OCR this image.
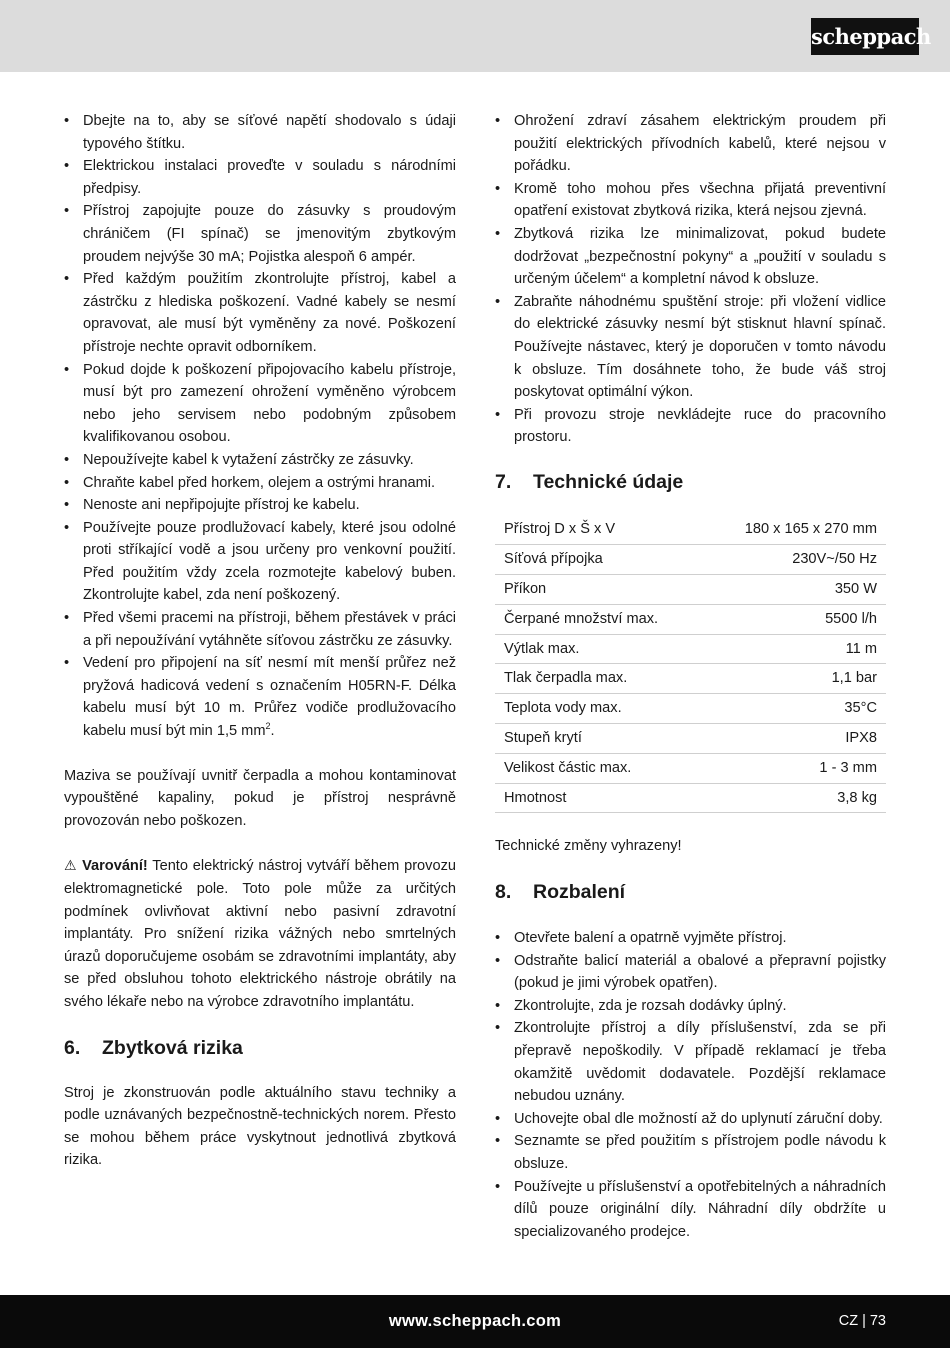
scheppach
• Dbejte na to, aby se síťové napětí shodovalo s údaji typového štítku.
• Elektrickou instalaci proveďte v souladu s národními předpisy.
• Přístroj zapojujte pouze do zásuvky s proudovým chráničem (FI spínač) se jmenovitým zbytkovým proudem nejvýše 30 mA; Pojistka alespoň 6 ampér.
• Před každým použitím zkontrolujte přístroj, kabel a zástrčku z hlediska poškození. Vadné kabely se nesmí opravovat, ale musí být vyměněny za nové. Poškození přístroje nechte opravit odborníkem.
• Pokud dojde k poškození připojovacího kabelu přístroje, musí být pro zamezení ohrožení vyměněno výrobcem nebo jeho servisem nebo podobným způsobem kvalifikovanou osobou.
• Nepoužívejte kabel k vytažení zástrčky ze zásuvky.
• Chraňte kabel před horkem, olejem a ostrými hranami.
• Nenoste ani nepřipojujte přístroj ke kabelu.
• Používejte pouze prodlužovací kabely, které jsou odolné proti stříkající vodě a jsou určeny pro venkovní použití. Před použitím vždy zcela rozmotejte kabelový buben. Zkontrolujte kabel, zda není poškozený.
• Před všemi pracemi na přístroji, během přestávek v práci a při nepoužívání vytáhněte síťovou zástrčku ze zásuvky.
• Vedení pro připojení na síť nesmí mít menší průřez než pryžová hadicová vedení s označením H05RN-F. Délka kabelu musí být 10 m. Průřez vodiče prodlužovacího kabelu musí být min 1,5 $mm^2$.

Maziva se používají uvnitř čerpadla a mohou kontaminovat vypouštěné kapaliny, pokud je přístroj nesprávně provozován nebo poškozen.

⚠ Varování! Tento elektrický nástroj vytváří během provozu elektromagnetické pole. Toto pole může za určitých podmínek ovlivňovat aktivní nebo pasivní zdravotní implantáty. Pro snížení rizika vážných nebo smrtelných úrazů doporučujeme osobám se zdravotními implantáty, aby se před obsluhou tohoto elektrického nástroje obrátily na svého lékaře nebo na výrobce zdravotního implantátu.

6.	Zbytková rizika

Stroj je zkonstruován podle aktuálního stavu techniky a podle uznávaných bezpečnostně-technických norem. Přesto se mohou během práce vyskytnout jednotlivá zbytková rizika.

• Ohrožení zdraví zásahem elektrickým proudem při použití elektrických přívodních kabelů, které nejsou v pořádku.
• Kromě toho mohou přes všechna přijatá preventivní opatření existovat zbytková rizika, která nejsou zjevná.
• Zbytková rizika lze minimalizovat, pokud budete dodržovat „bezpečnostní pokyny“ a „použití v souladu s určeným účelem“ a kompletní návod k obsluze.
• Zabraňte náhodnému spuštění stroje: při vložení vidlice do elektrické zásuvky nesmí být stisknut hlavní spínač. Používejte nástavec, který je doporučen v tomto návodu k obsluze. Tím dosáhnete toho, že bude váš stroj poskytovat optimální výkon.
• Při provozu stroje nevkládejte ruce do pracovního prostoru.
7.	Technické údaje
Přístroj D x Š x V	180 x 165 x 270 mm
Síťová přípojka	230V~/50 Hz
Příkon	350 W
Čerpané množství max.	5500 l/h
Výtlak max.	11 m
Tlak čerpadla max.	1,1 bar
Teplota vody max.	35°C
Stupeň krytí	IPX8
Velikost částic max.	1 - 3 mm
Hmotnost	3,8 kg

Technické změny vyhrazeny!

8.	Rozbalení
• Otevřete balení a opatrně vyjměte přístroj.
• Odstraňte balicí materiál a obalové a přepravní pojistky (pokud je jimi výrobek opatřen).
• Zkontrolujte, zda je rozsah dodávky úplný.
• Zkontrolujte přístroj a díly příslušenství, zda se při přepravě nepoškodily. V případě reklamací je třeba okamžitě uvědomit dodavatele. Pozdější reklamace nebudou uznány.
• Uchovejte obal dle možností až do uplynutí záruční doby.
• Seznamte se před použitím s přístrojem podle návodu k obsluze.
• Používejte u příslušenství a opotřebitelných a náhradních dílů pouze originální díly. Náhradní díly obdržíte u specializovaného prodejce.
www.scheppach.com	CZ | 73
